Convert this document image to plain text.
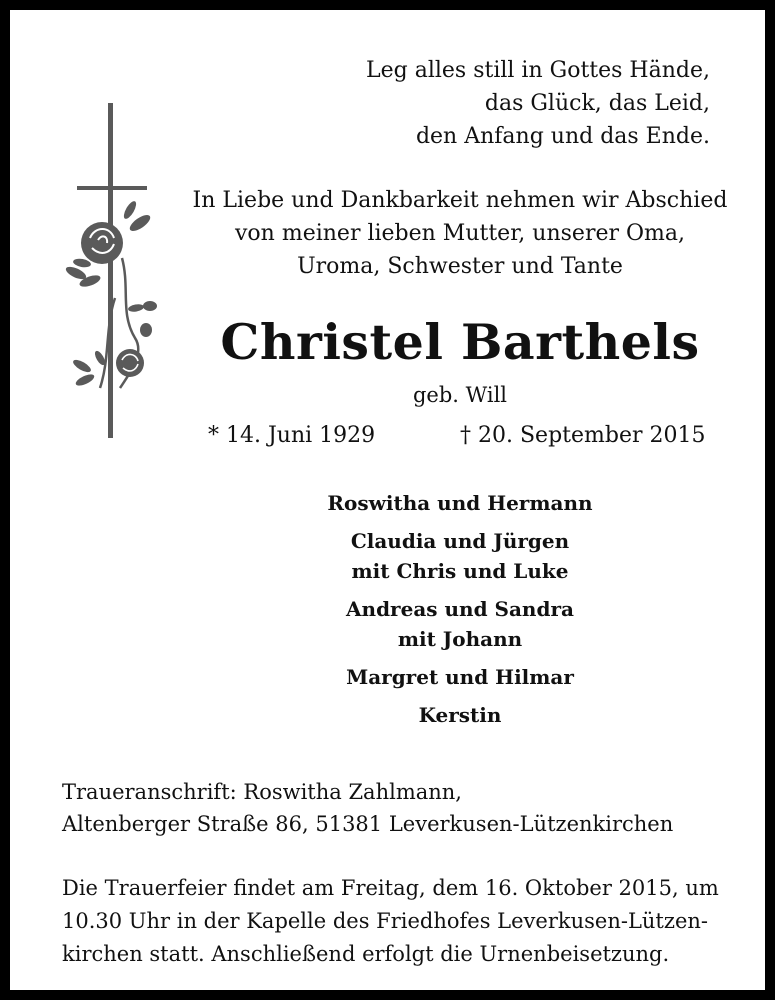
Leg alles still in Gottes Hände,
das Glück, das Leid,
den Anfang und das Ende.
In Liebe und Dankbarkeit nehmen wir Abschied
von meiner lieben Mutter, unserer Oma,
Uroma, Schwester und Tante
Christel Barthels
geb. Will
* 14. Juni 1929	† 20. September 2015
Roswitha und Hermann
Claudia und Jürgen
mit Chris und Luke
Andreas und Sandra
mit Johann
Margret und Hilmar
Kerstin
Traueranschrift: Roswitha Zahlmann,
Altenberger Straße 86, 51381 Leverkusen-Lützenkirchen
Die Trauerfeier findet am Freitag, dem 16. Oktober 2015, um
10.30 Uhr in der Kapelle des Friedhofes Leverkusen-Lützen-
kirchen statt. Anschließend erfolgt die Urnenbeisetzung.
